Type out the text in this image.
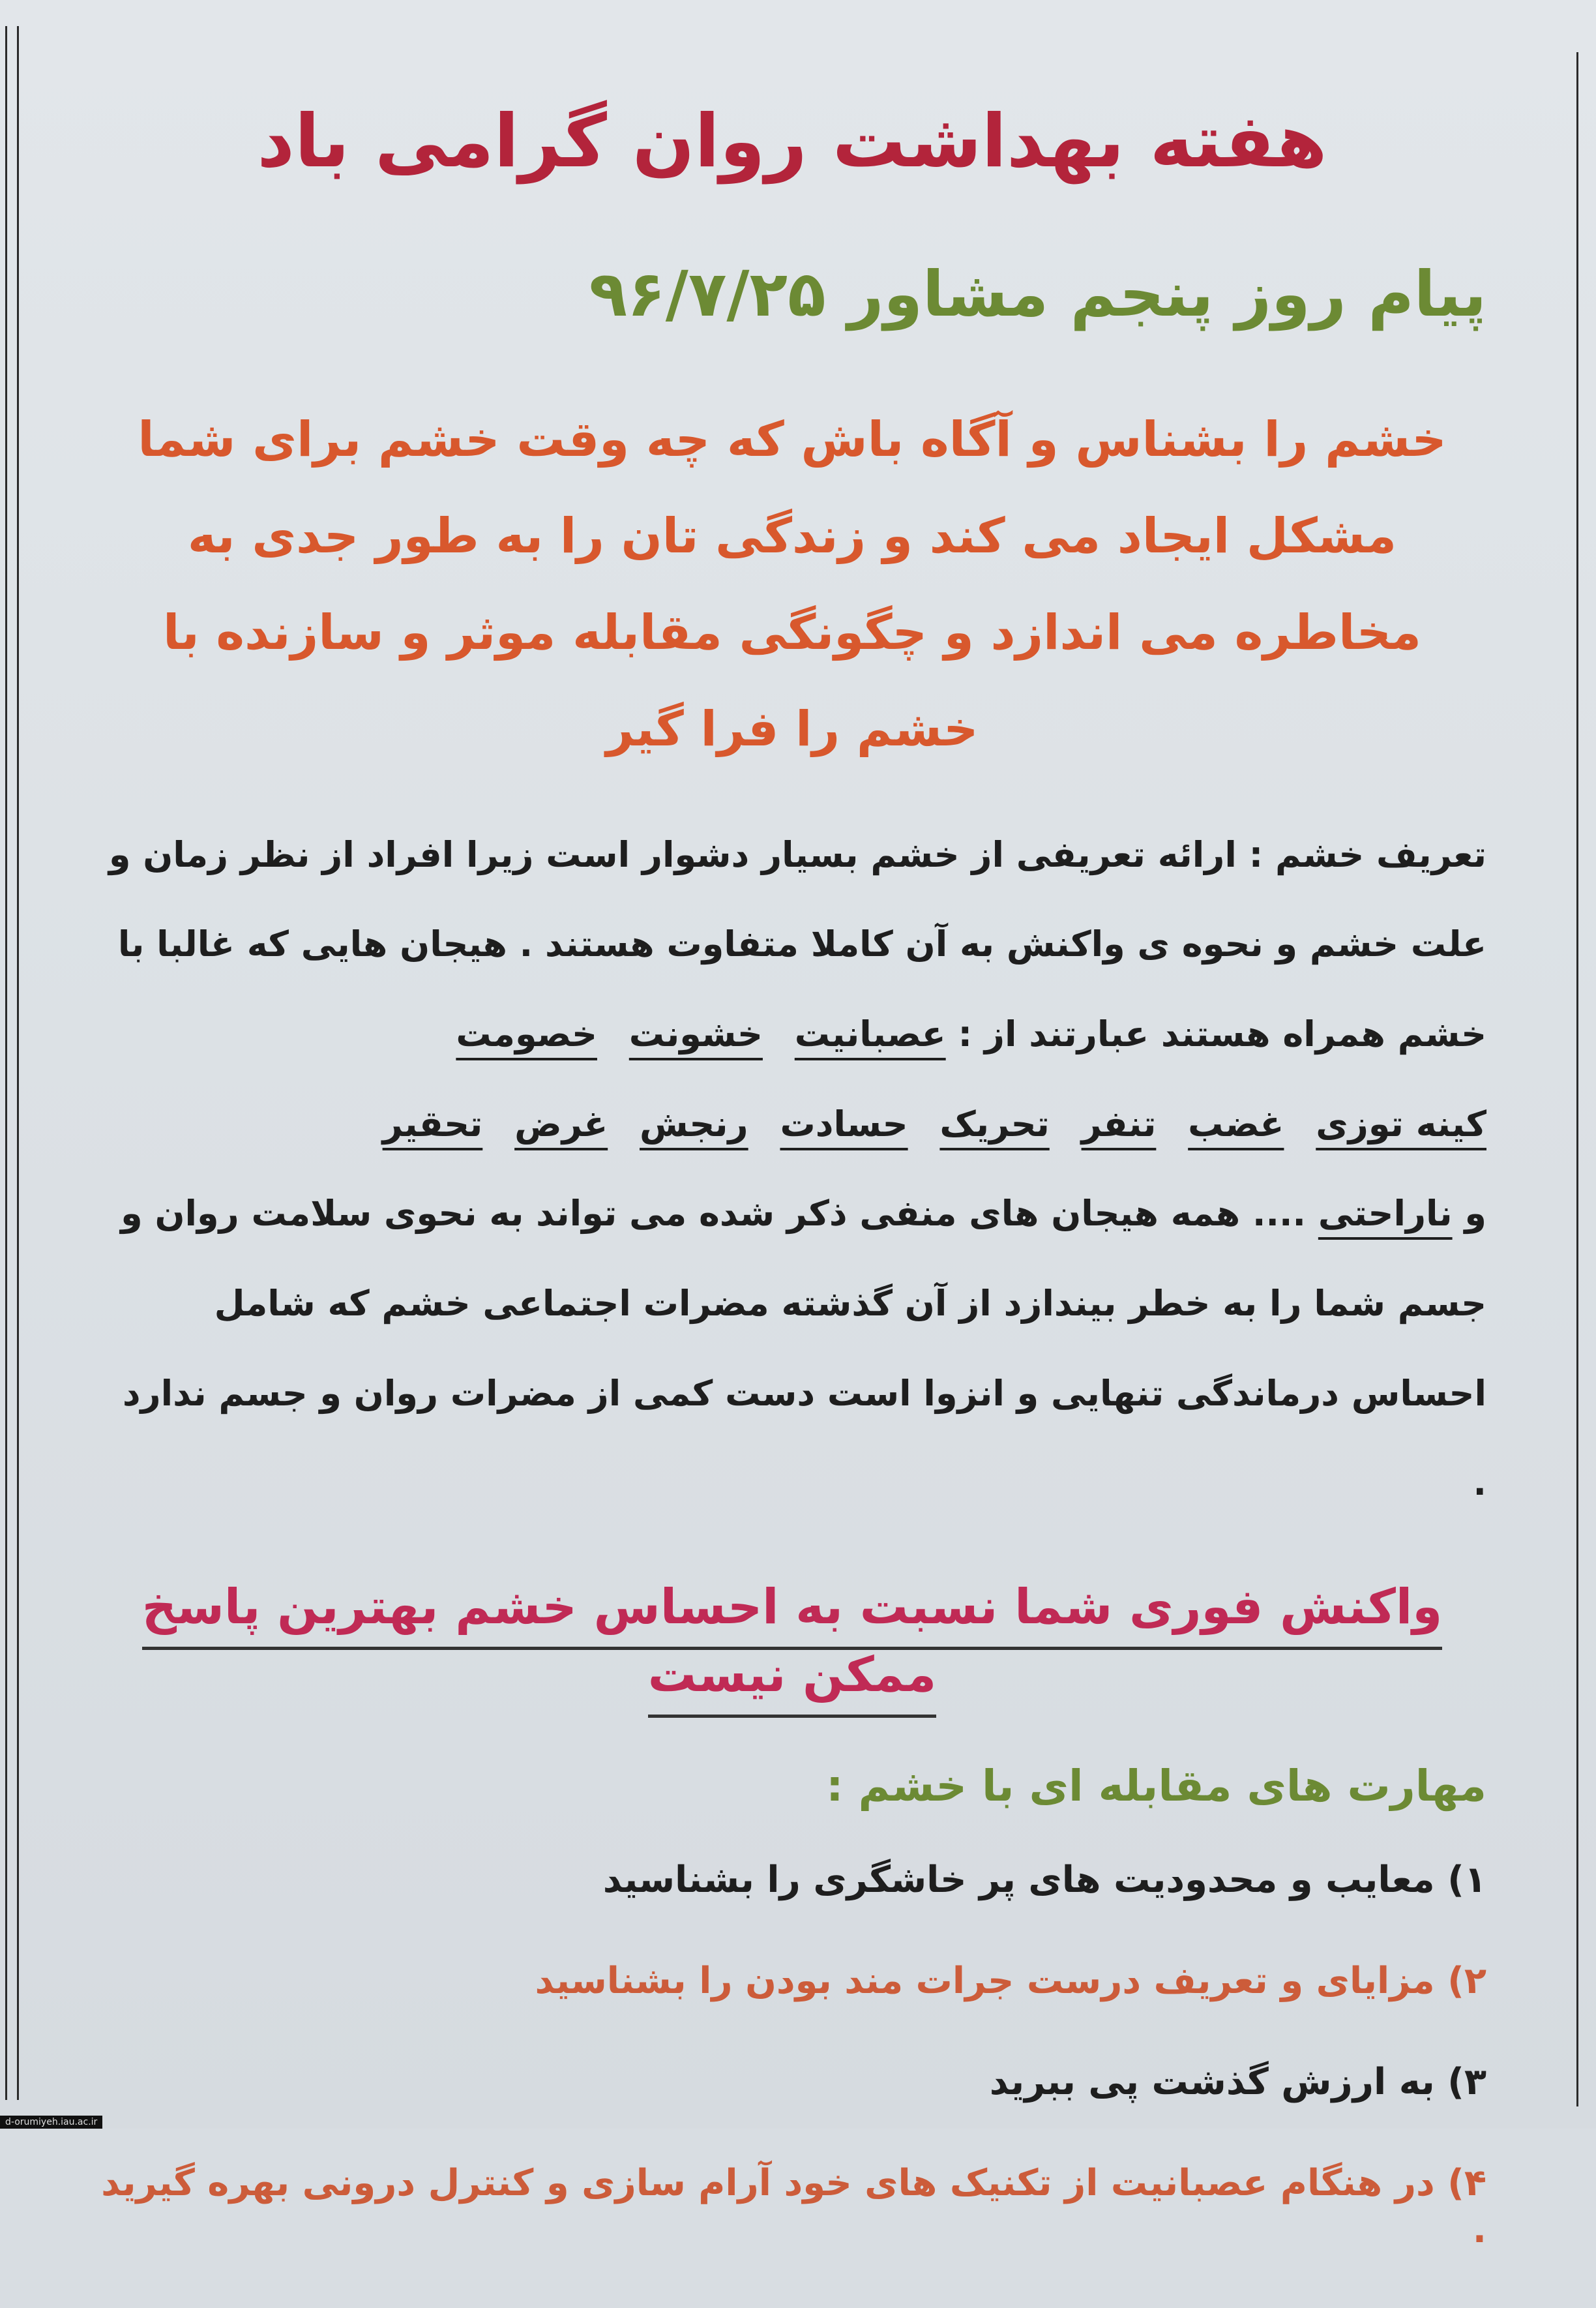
هفته بهداشت روان گرامی باد
پیام روز پنجم مشاور ۹۶/۷/۲۵
خشم را بشناس و آگاه باش که چه وقت خشم برای شما مشکل ایجاد می کند و زندگی تان را به طور جدی به مخاطره می اندازد و چگونگی مقابله موثر و سازنده با خشم را فرا گیر

تعریف خشم : ارائه تعریفی از خشم بسیار دشوار است زیرا افراد از نظر زمان و علت خشم و نحوه ی واکنش به آن کاملا متفاوت هستند . هیجان هایی که غالبا با خشم همراه هستند عبارتند از : عصبانیت خشونت خصومت
کینه توزی غضب تنفر تحریک حسادت رنجش غرض تحقیر
و ناراحتی .... همه هیجان های منفی ذکر شده می تواند به نحوی سلامت روان و جسم شما را به خطر بیندازد از آن گذشته مضرات اجتماعی خشم که شامل احساس درماندگی تنهایی و انزوا است دست کمی از مضرات روان و جسم ندارد .

واکنش فوری شما نسبت به احساس خشم بهترین پاسخ ممکن نیست
مهارت های مقابله ای با خشم :
۱) معایب و محدودیت های پر خاشگری را بشناسید
۲) مزایای و تعریف درست جرات مند بودن را بشناسید
۳) به ارزش گذشت پی ببرید
۴) در هنگام عصبانیت از تکنیک های خود آرام سازی و کنترل درونی بهره گیرید .
d-orumiyeh.iau.ac.ir
